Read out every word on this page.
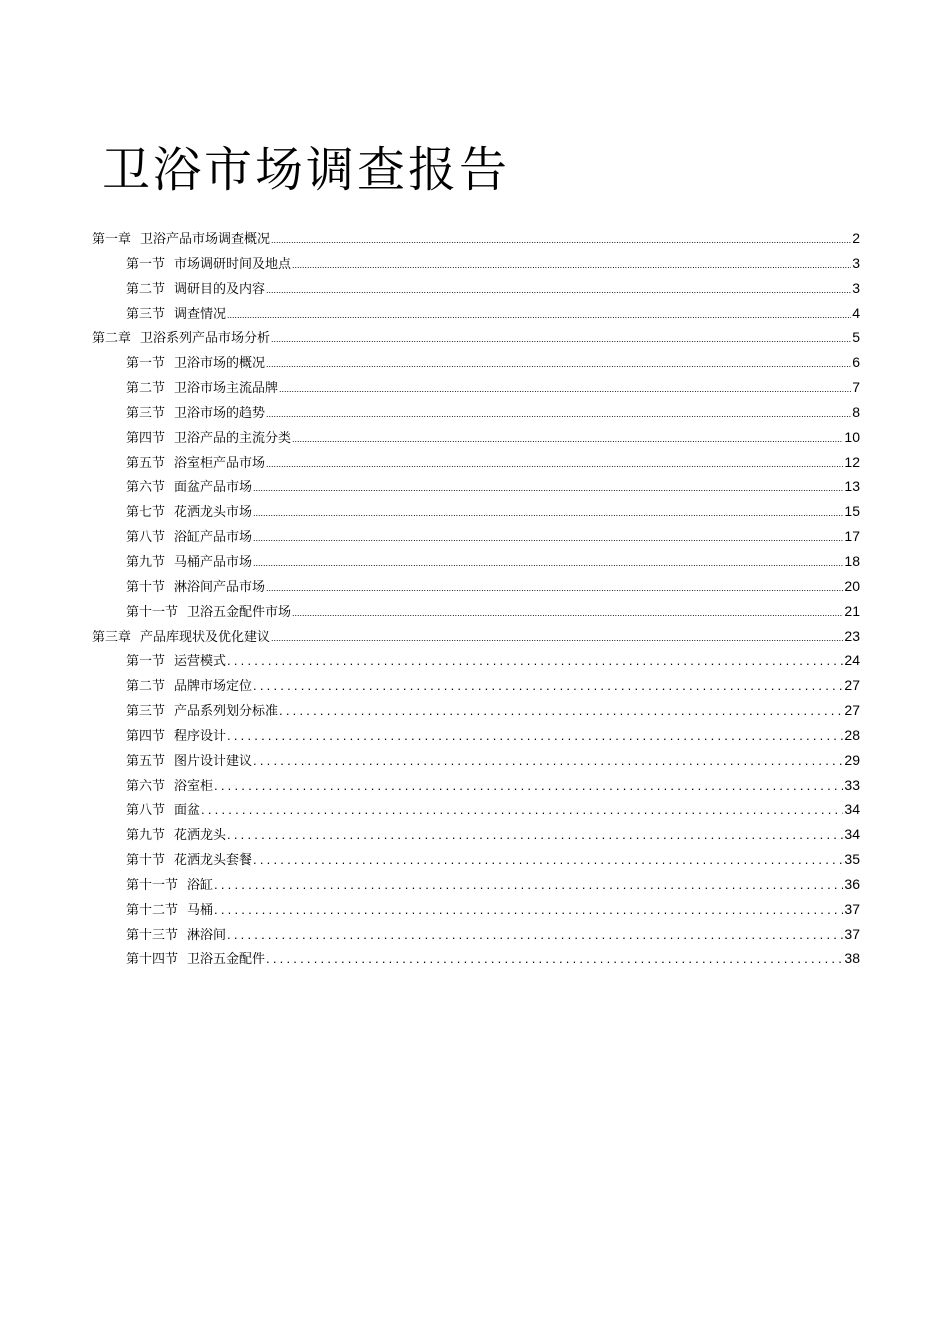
卫浴市场调查报告
第一章 卫浴产品市场调查概况 .....	2
第一节 市场调研时间及地点 .....	3
第二节 调研目的及内容 .....	3
第三节 调查情况 .....	4
第二章 卫浴系列产品市场分析 .....	5
第一节 卫浴市场的概况 .....	6
第二节 卫浴市场主流品牌 .....	7
第三节 卫浴市场的趋势 .....	8
第四节 卫浴产品的主流分类 .....	10
第五节 浴室柜产品市场 .....	12
第六节 面盆产品市场 .....	13
第七节 花洒龙头市场 .....	15
第八节 浴缸产品市场 .....	17
第九节 马桶产品市场 .....	18
第十节 淋浴间产品市场 .....	20
第十一节 卫浴五金配件市场 .....	21
第三章 产品库现状及优化建议 .....	23
第一节 运营模式 .....	24
第二节 品牌市场定位 .....	27
第三节 产品系列划分标准 .....	27
第四节 程序设计 .....	28
第五节 图片设计建议 .....	29
第六节 浴室柜 .....	33
第八节 面盆 .....	34
第九节 花洒龙头 .....	34
第十节 花洒龙头套餐 .....	35
第十一节 浴缸 .....	36
第十二节 马桶 .....	37
第十三节 淋浴间 .....	37
第十四节 卫浴五金配件 .....	38
